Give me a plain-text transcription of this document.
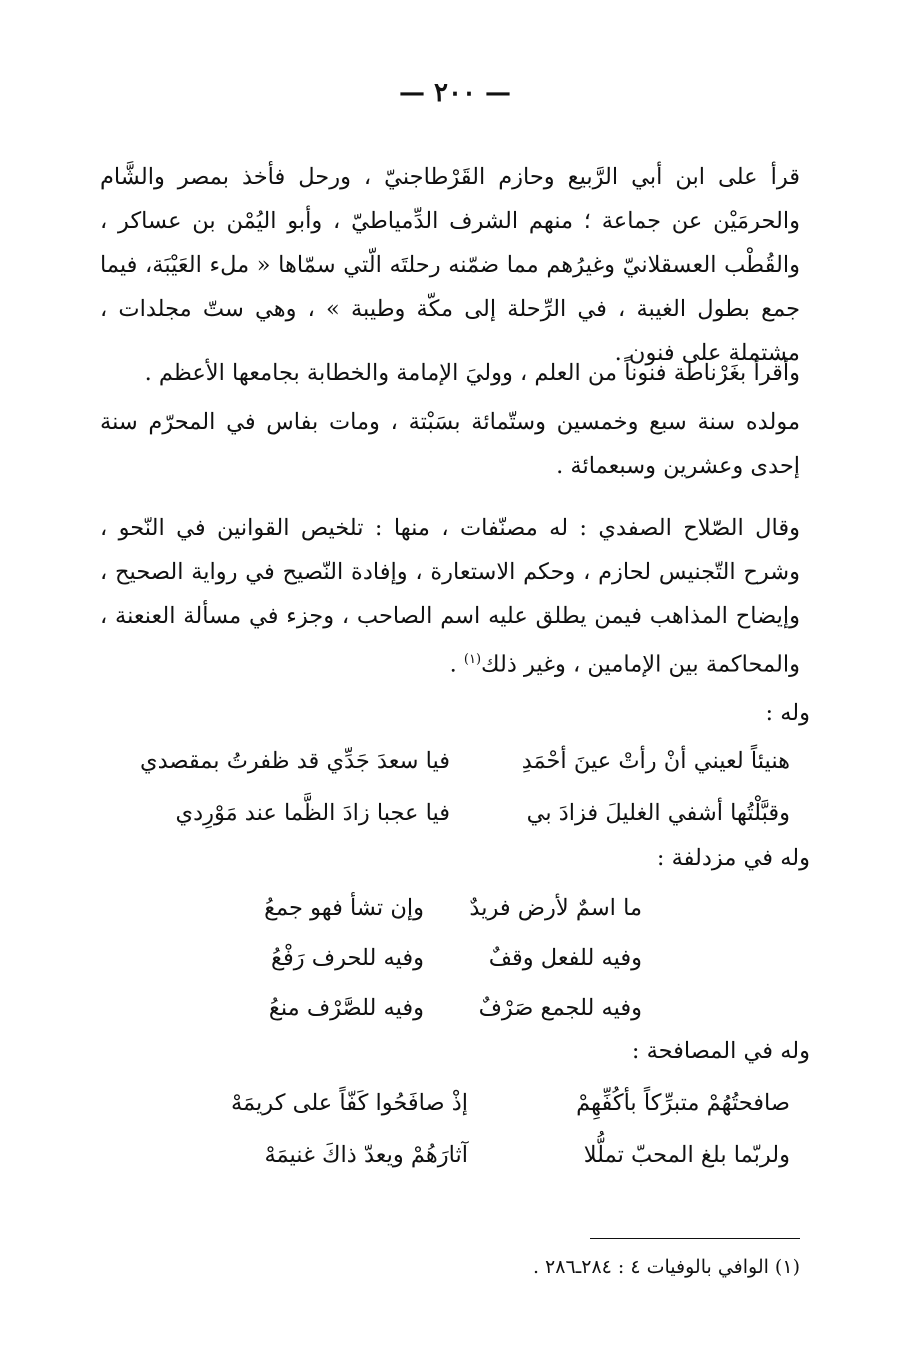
— ٢٠٠ —
قرأ على ابن أبي الرَّبيع وحازم القَرْطاجنيّ ، ورحل فأخذ بمصر والشَّام والحرمَيْن عن جماعة ؛ منهم الشرف الدِّمياطيّ ، وأبو اليُمْن بن عساكر ، والقُطْب العسقلانيّ وغيرُهم مما ضمّنه رحلتَه الّتي سمّاها « ملء العَيْبَة، فيما جمع بطول الغيبة ، في الرِّحلة إلى مكّة وطيبة » ، وهي ستّ مجلدات ، مشتملة على فنون .
وأقرأ بغَرْناطة فنوناً من العلم ، ووليَ الإمامة والخطابة بجامعها الأعظم .
مولده سنة سبع وخمسين وستّمائة بسَبْتة ، ومات بفاس في المحرّم سنة إحدى وعشرين وسبعمائة .
وقال الصّلاح الصفدي : له مصنّفات ، منها : تلخيص القوانين في النّحو ، وشرح التّجنيس لحازم ، وحكم الاستعارة ، وإفادة النّصيح في رواية الصحيح ، وإيضاح المذاهب فيمن يطلق عليه اسم الصاحب ، وجزء في مسألة العنعنة ، والمحاكمة بين الإمامين ، وغير ذلك$^{(١)}$ .
وله :
هنيئاً لعيني أنْ رأتْ عينَ أحْمَدِ
فيا سعدَ جَدِّي قد ظفرتُ بمقصدي
وقبَّلْتُها أشفي الغليلَ فزادَ بي
فيا عجبا زادَ الظَّما عند مَوْرِدي
وله في مزدلفة :
ما اسمٌ لأرض فريدٌ
وإن تشأ فهو جمعُ
وفيه للفعل وقفٌ
وفيه للحرف رَفْعُ
وفيه للجمع صَرْفٌ
وفيه للصَّرْف منعُ
وله في المصافحة :
صافحتُهُمْ متبرِّكاً بأكُفِّهِمْ
إذْ صافَحُوا كَفّاً على كريمَهْ
ولربّما بلغ المحبّ تملُّلا
آثارَهُمْ ويعدّ ذاكَ غنيمَهْ
(١) الوافي بالوفيات ٤ : ٢٨٤ـ٢٨٦ .
